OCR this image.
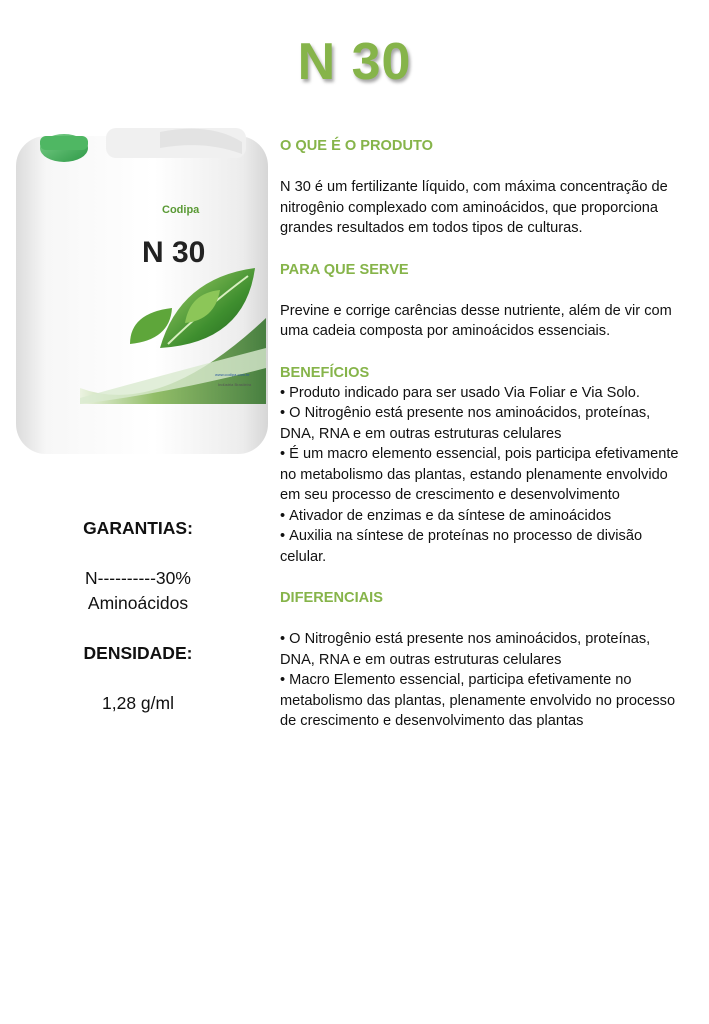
N 30
Codipa
N 30
www.codipa.com.br
Indústria Brasileira
O QUE É O PRODUTO

N 30 é um fertilizante líquido, com máxima concentração de nitrogênio complexado com aminoácidos, que proporciona grandes resultados em todos tipos de culturas.

PARA QUE SERVE

Previne e corrige carências desse nutriente, além de vir com uma cadeia composta por aminoácidos essenciais.

BENEFÍCIOS

• Produto indicado para ser usado Via Foliar e Via Solo.

• O Nitrogênio está presente nos aminoácidos, proteínas, DNA, RNA e em outras estruturas celulares

• É um macro elemento essencial, pois participa efetivamente no metabolismo das plantas, estando plenamente envolvido em seu processo de crescimento e desenvolvimento

• Ativador de enzimas e da síntese de aminoácidos

• Auxilia na síntese de proteínas no processo de divisão celular.

DIFERENCIAIS

• O Nitrogênio está presente nos aminoácidos, proteínas, DNA, RNA e em outras estruturas celulares

• Macro Elemento essencial, participa efetivamente no metabolismo das plantas, plenamente envolvido no processo de crescimento e desenvolvimento das plantas

GARANTIAS:
N----------30%
Aminoácidos
DENSIDADE:
1,28 g/ml
